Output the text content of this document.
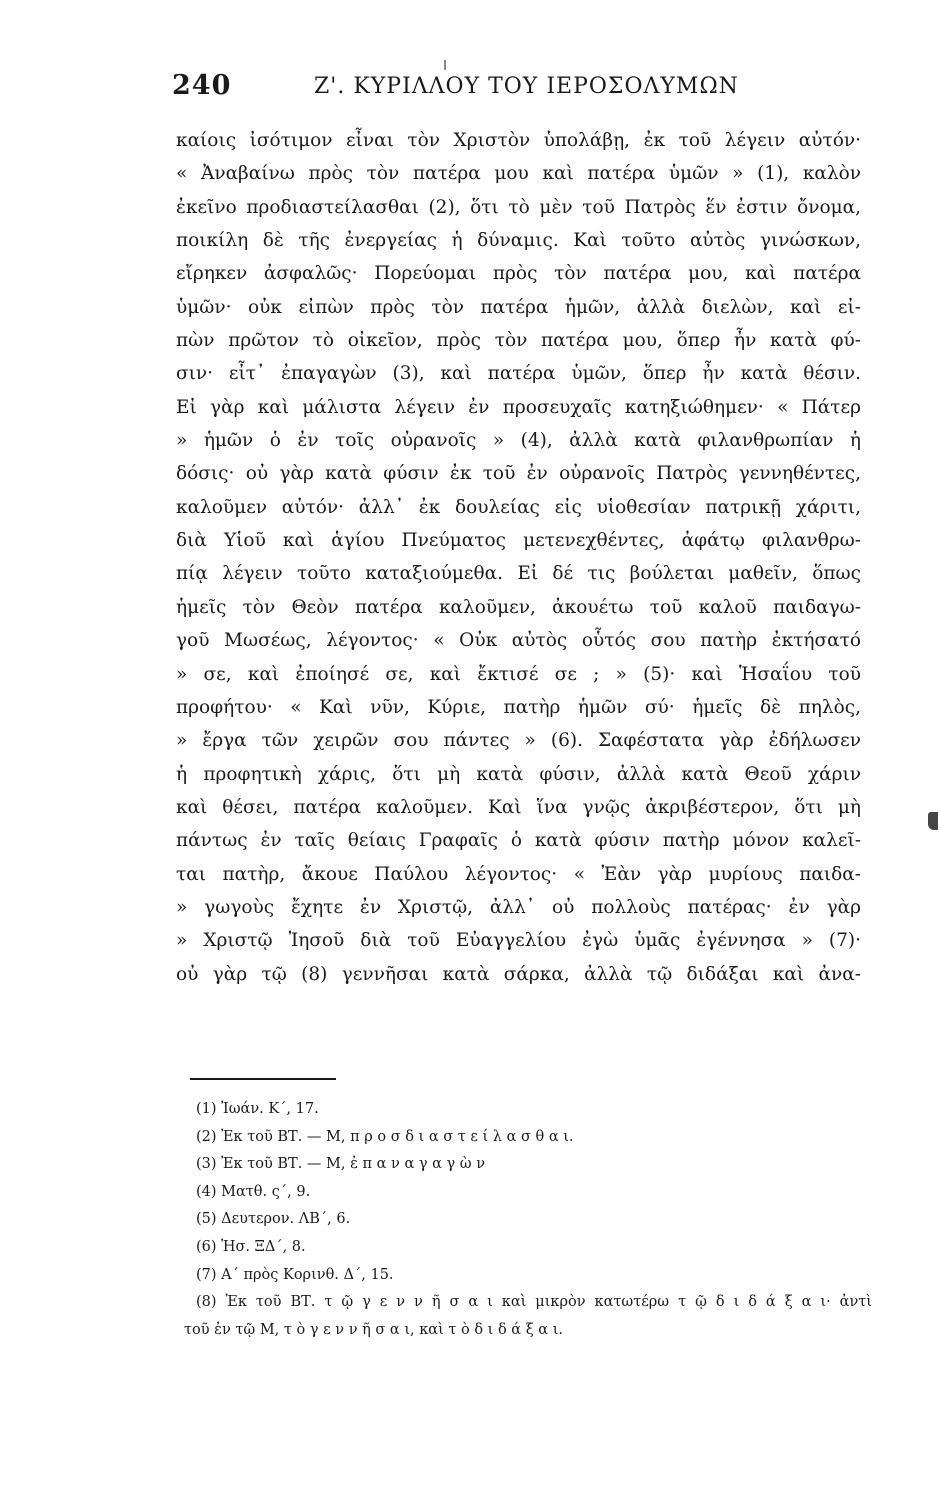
240	Ζ'. ΚΥΡΙΛΛΟΥ ΤΟΥ ΙΕΡΟΣΟΛΥΜΩΝ
καίοις ἰσότιμον εἶναι τὸν Χριστὸν ὑπολάβῃ, ἐκ τοῦ λέγειν αὐτόν·
« Ἀναβαίνω πρὸς τὸν πατέρα μου καὶ πατέρα ὑμῶν » (1), καλὸν
ἐκεῖνο προδιαστείλασθαι (2), ὅτι τὸ μὲν τοῦ Πατρὸς ἕν ἐστιν ὄνομα,
ποικίλη δὲ τῆς ἐνεργείας ἡ δύναμις. Καὶ τοῦτο αὐτὸς γινώσκων,
εἴρηκεν ἀσφαλῶς· Πορεύομαι πρὸς τὸν πατέρα μου, καὶ πατέρα
ὑμῶν· οὐκ εἰπὼν πρὸς τὸν πατέρα ἡμῶν, ἀλλὰ διελὼν, καὶ εἰ-
πὼν πρῶτον τὸ οἰκεῖον, πρὸς τὸν πατέρα μου, ὅπερ ἦν κατὰ φύ-
σιν· εἶτ᾽ ἐπαγαγὼν (3), καὶ πατέρα ὑμῶν, ὅπερ ἦν κατὰ θέσιν.
Εἰ γὰρ καὶ μάλιστα λέγειν ἐν προσευχαῖς κατηξιώθημεν· « Πάτερ
» ἡμῶν ὁ ἐν τοῖς οὐρανοῖς » (4), ἀλλὰ κατὰ φιλανθρωπίαν ἡ
δόσις· οὐ γὰρ κατὰ φύσιν ἐκ τοῦ ἐν οὐρανοῖς Πατρὸς γεννηθέντες,
καλοῦμεν αὐτόν· ἀλλ᾽ ἐκ δουλείας εἰς υἱοθεσίαν πατρικῇ χάριτι,
διὰ Υἱοῦ καὶ ἁγίου Πνεύματος μετενεχθέντες, ἀφάτῳ φιλανθρω-
πίᾳ λέγειν τοῦτο καταξιούμεθα. Εἰ δέ τις βούλεται μαθεῖν, ὅπως
ἡμεῖς τὸν Θεὸν πατέρα καλοῦμεν, ἀκουέτω τοῦ καλοῦ παιδαγω-
γοῦ Μωσέως, λέγοντος· « Οὐκ αὐτὸς οὗτός σου πατὴρ ἐκτήσατό
» σε, καὶ ἐποίησέ σε, καὶ ἔκτισέ σε ; » (5)· καὶ Ἡσαΐου τοῦ
προφήτου· « Καὶ νῦν, Κύριε, πατὴρ ἡμῶν σύ· ἡμεῖς δὲ πηλὸς,
» ἔργα τῶν χειρῶν σου πάντες » (6). Σαφέστατα γὰρ ἐδήλωσεν
ἡ προφητικὴ χάρις, ὅτι μὴ κατὰ φύσιν, ἀλλὰ κατὰ Θεοῦ χάριν
καὶ θέσει, πατέρα καλοῦμεν. Καὶ ἵνα γνῷς ἀκριβέστερον, ὅτι μὴ
πάντως ἐν ταῖς θείαις Γραφαῖς ὁ κατὰ φύσιν πατὴρ μόνον καλεῖ-
ται πατὴρ, ἄκουε Παύλου λέγοντος· « Ἐὰν γὰρ μυρίους παιδα-
» γωγοὺς ἔχητε ἐν Χριστῷ, ἀλλ᾽ οὐ πολλοὺς πατέρας· ἐν γὰρ
» Χριστῷ Ἰησοῦ διὰ τοῦ Εὐαγγελίου ἐγὼ ὑμᾶς ἐγέννησα » (7)·
οὐ γὰρ τῷ (8) γεννῆσαι κατὰ σάρκα, ἀλλὰ τῷ διδάξαι καὶ ἀνα-
(1) Ἰωάν. Κ΄, 17.
(2) Ἐκ τοῦ ΒΤ. — Μ, π ρ ο σ δ ι α σ τ ε ί λ α σ θ α ι.
(3) Ἐκ τοῦ ΒΤ. — Μ, ἐ π α ν α γ α γ ὼ ν
(4) Ματθ. ς΄, 9.
(5) Δευτερον. ΛΒ΄, 6.
(6) Ἡσ. ΞΔ΄, 8.
(7) Α΄ πρὸς Κορινθ. Δ΄, 15.
(8) Ἐκ τοῦ ΒΤ. τ ῷ γ ε ν ν ῆ σ α ι καὶ μικρὸν κατωτέρω τ ῷ δ ι δ ά ξ α ι· ἀντὶ
τοῦ ἐν τῷ Μ, τ ὸ γ ε ν ν ῆ σ α ι, καὶ τ ὸ δ ι δ ά ξ α ι.
